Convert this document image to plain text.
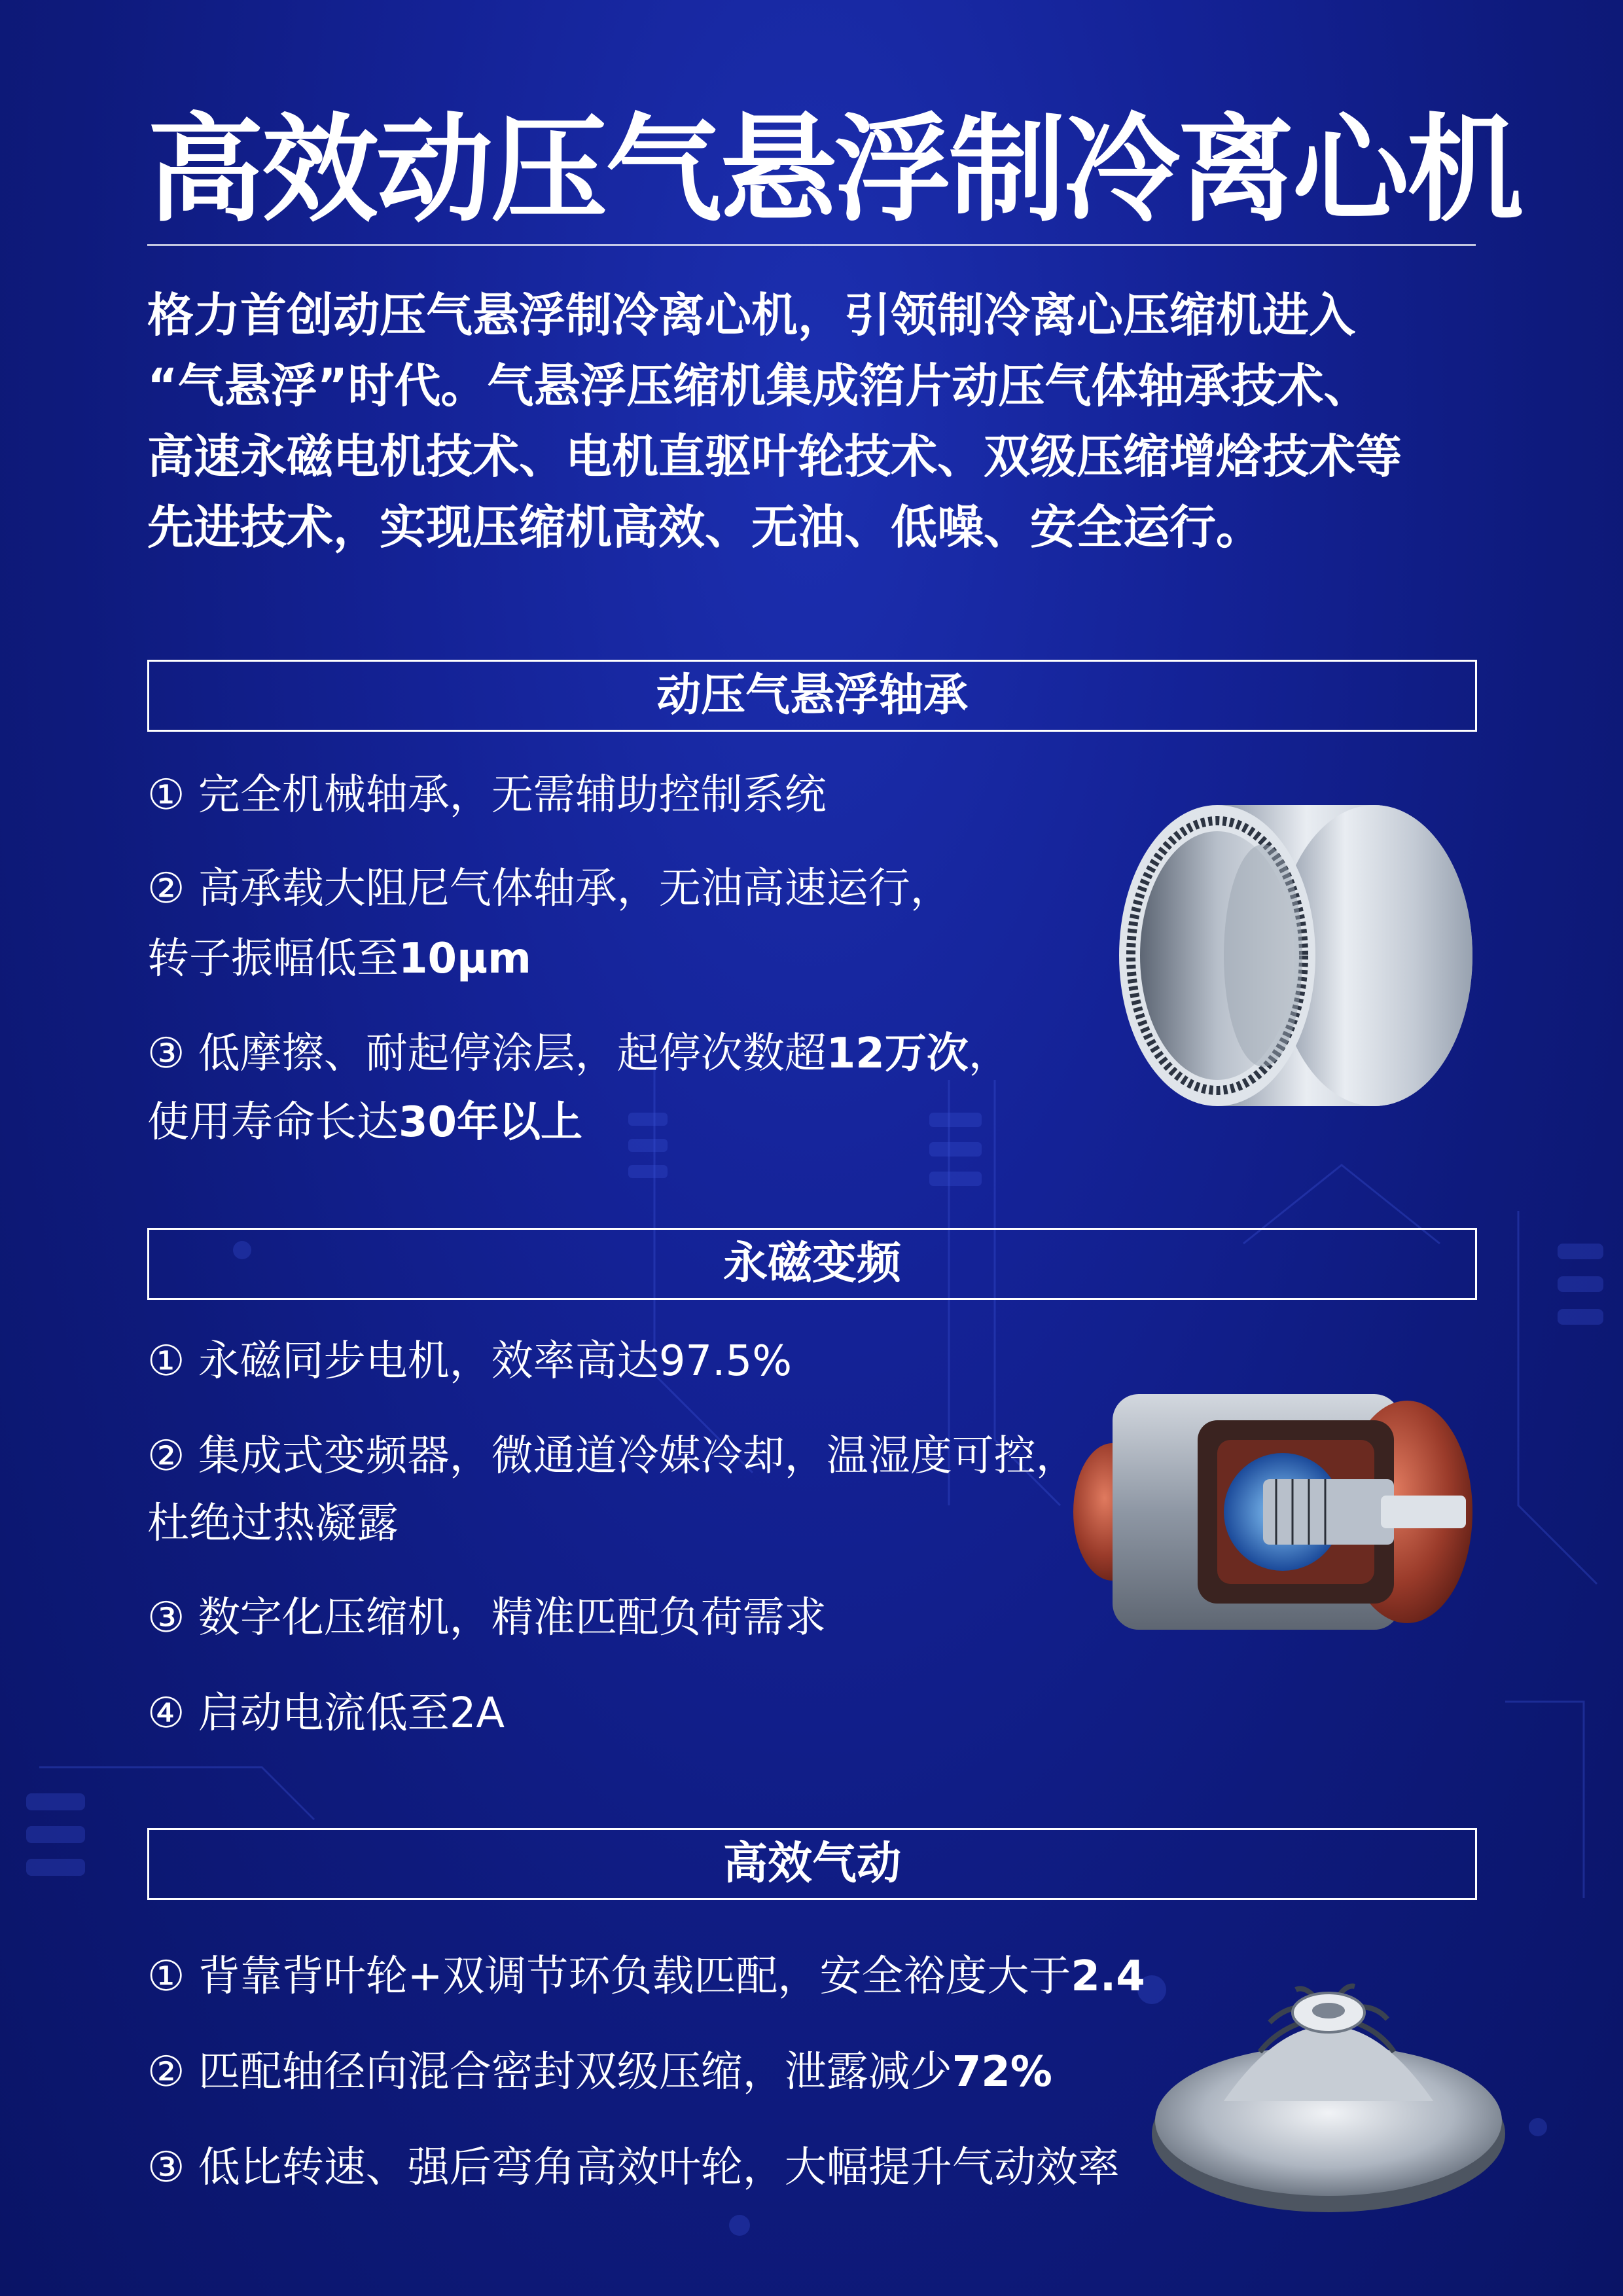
高效动压气悬浮制冷离心机
格力首创动压气悬浮制冷离心机，引领制冷离心压缩机进入
“气悬浮”时代。气悬浮压缩机集成箔片动压气体轴承技术、
高速永磁电机技术、电机直驱叶轮技术、双级压缩增焓技术等
先进技术，实现压缩机高效、无油、低噪、安全运行。
动压气悬浮轴承
① 完全机械轴承，无需辅助控制系统
② 高承载大阻尼气体轴承，无油高速运行，
转子振幅低至10μm
③ 低摩擦、耐起停涂层，起停次数超12万次，
使用寿命长达30年以上
永磁变频
① 永磁同步电机，效率高达97.5%
② 集成式变频器，微通道冷媒冷却，温湿度可控，
杜绝过热凝露
③ 数字化压缩机，精准匹配负荷需求
④ 启动电流低至2A
高效气动
① 背靠背叶轮+双调节环负载匹配，安全裕度大于2.4
② 匹配轴径向混合密封双级压缩，泄露减少72%
③ 低比转速、强后弯角高效叶轮，大幅提升气动效率
